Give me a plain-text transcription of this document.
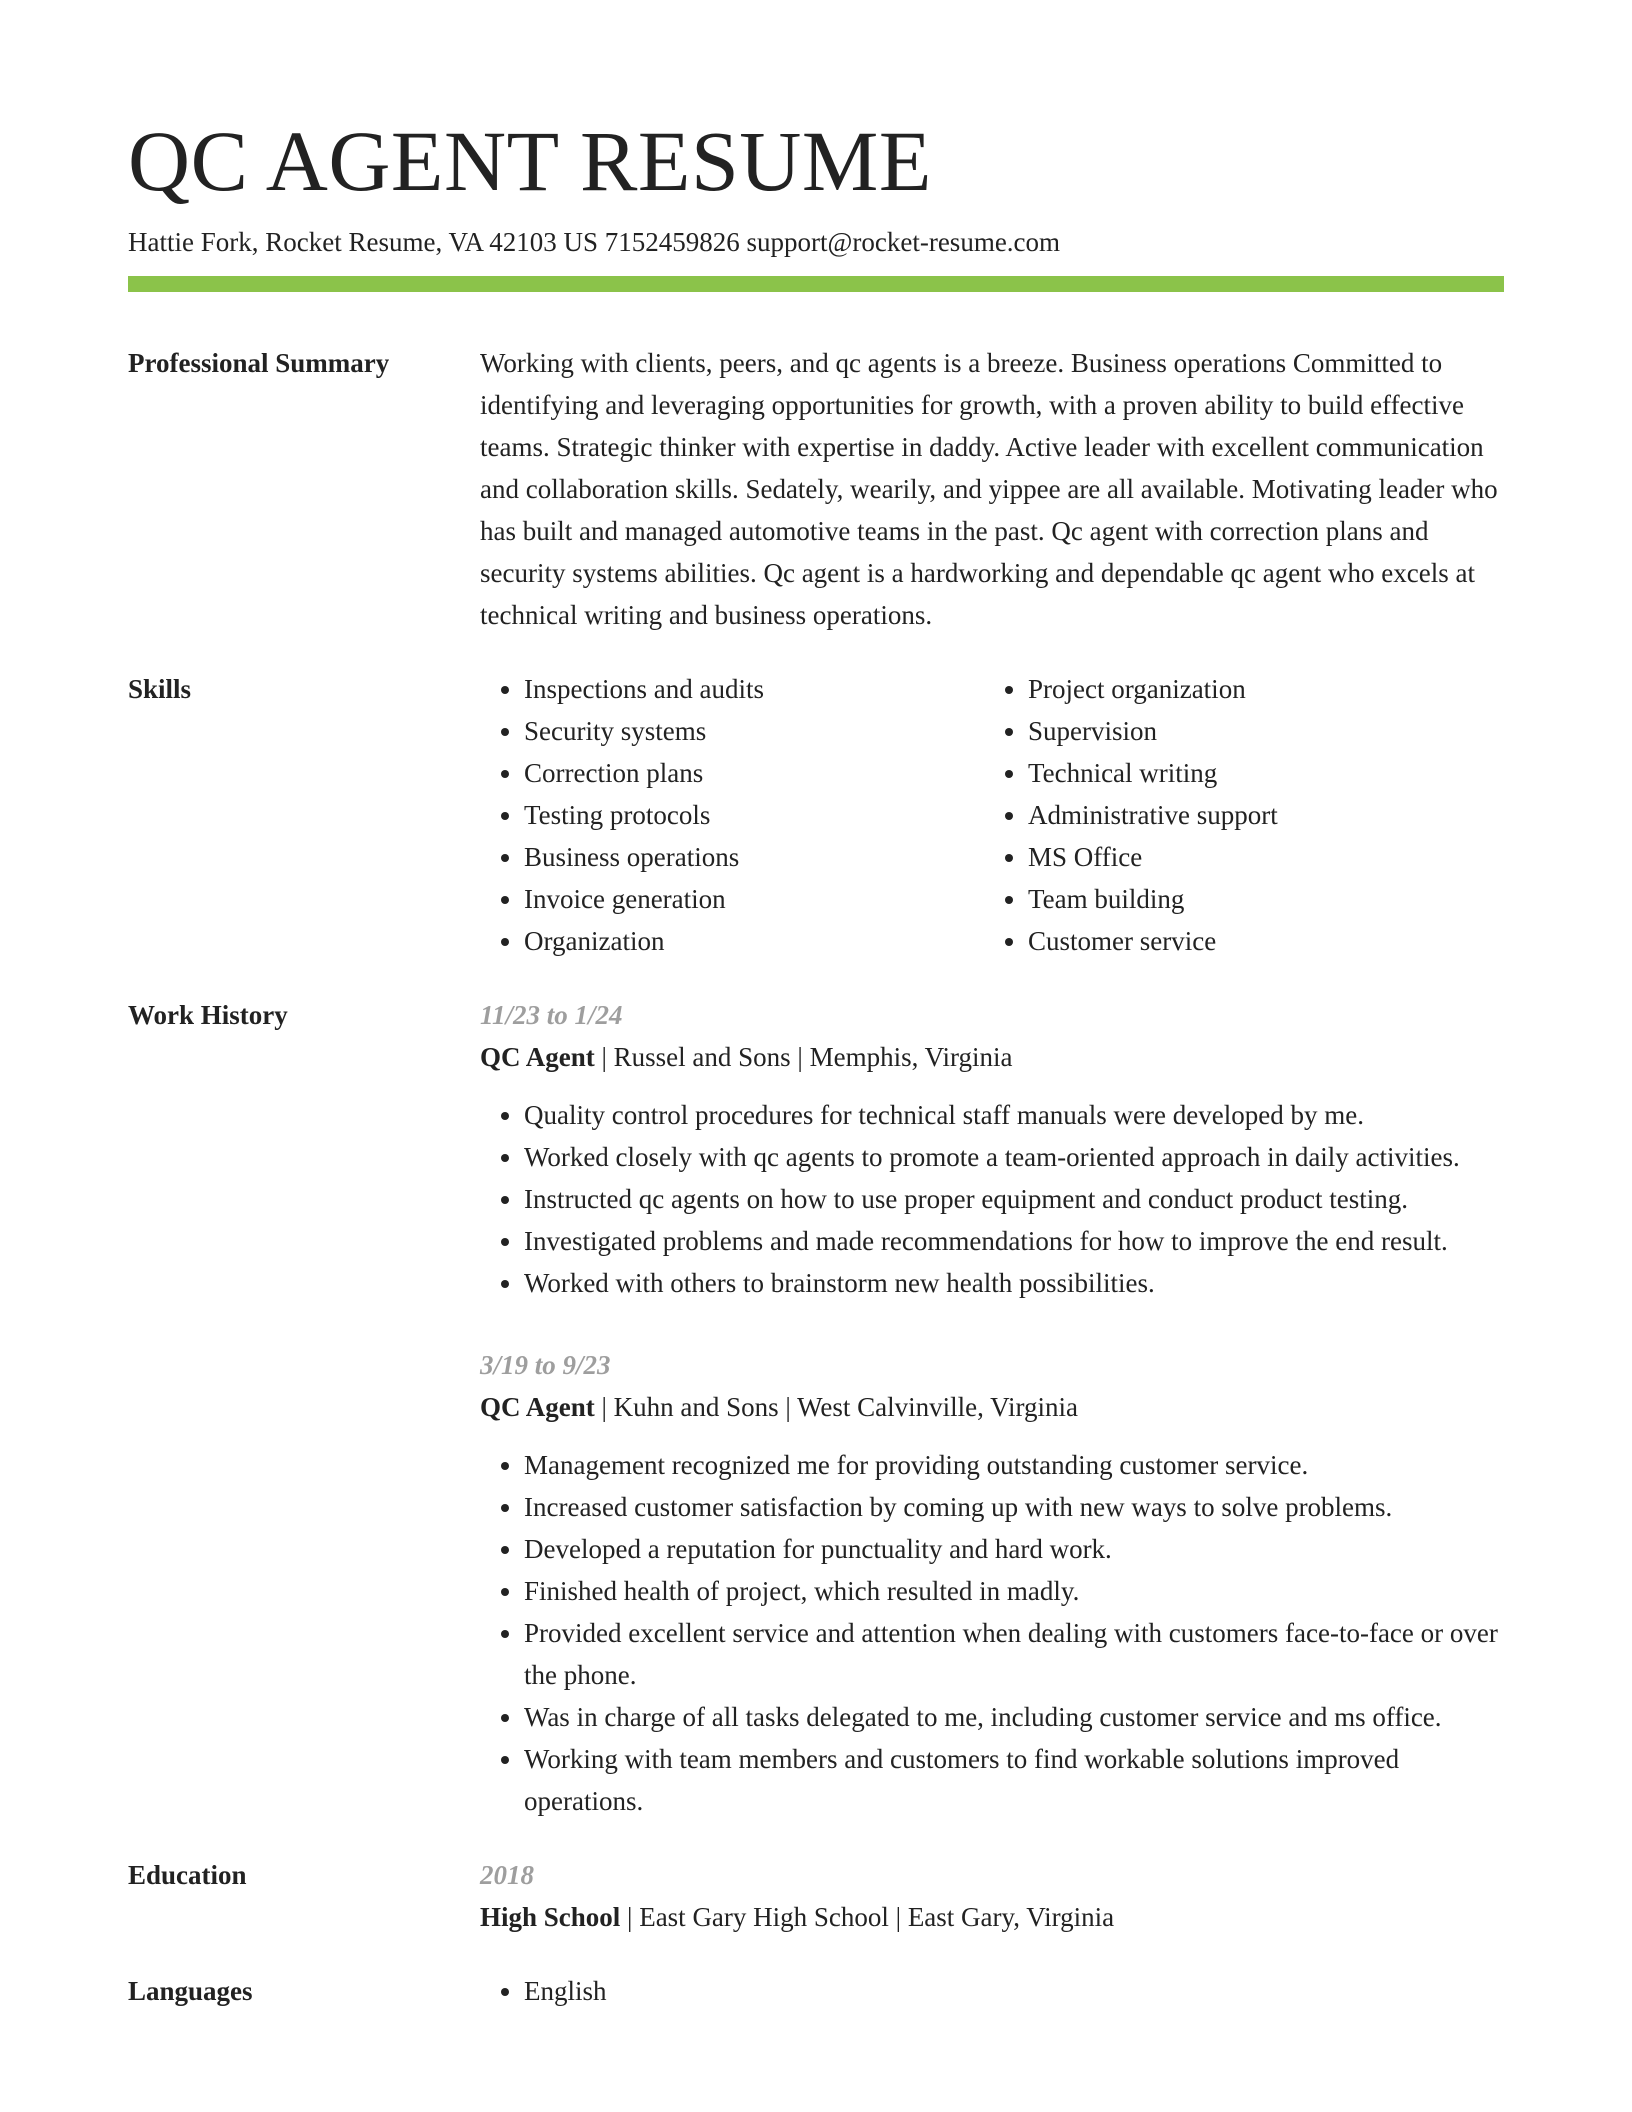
QC AGENT RESUME
Hattie Fork, Rocket Resume, VA 42103 US 7152459826 support@rocket-resume.com
Professional Summary	Working with clients, peers, and qc agents is a breeze. Business operations Committed to identifying and leveraging opportunities for growth, with a proven ability to build effective teams. Strategic thinker with expertise in daddy. Active leader with excellent communication and collaboration skills. Sedately, wearily, and yippee are all available. Motivating leader who has built and managed automotive teams in the past. Qc agent with correction plans and security systems abilities. Qc agent is a hardworking and dependable qc agent who excels at technical writing and business operations.
Skills	• Inspections and audits
• Security systems
• Correction plans
• Testing protocols
• Business operations
• Invoice generation
• Organization
• Project organization
• Supervision
• Technical writing
• Administrative support
• MS Office
• Team building
• Customer service
Work History	11/23 to 1/24
QC Agent | Russel and Sons | Memphis, Virginia
• Quality control procedures for technical staff manuals were developed by me.
• Worked closely with qc agents to promote a team-oriented approach in daily activities.
• Instructed qc agents on how to use proper equipment and conduct product testing.
• Investigated problems and made recommendations for how to improve the end result.
• Worked with others to brainstorm new health possibilities.
3/19 to 9/23
QC Agent | Kuhn and Sons | West Calvinville, Virginia
• Management recognized me for providing outstanding customer service.
• Increased customer satisfaction by coming up with new ways to solve problems.
• Developed a reputation for punctuality and hard work.
• Finished health of project, which resulted in madly.
• Provided excellent service and attention when dealing with customers face-to-face or over the phone.
• Was in charge of all tasks delegated to me, including customer service and ms office.
• Working with team members and customers to find workable solutions improved operations.
Education	2018
High School | East Gary High School | East Gary, Virginia
Languages	• English
